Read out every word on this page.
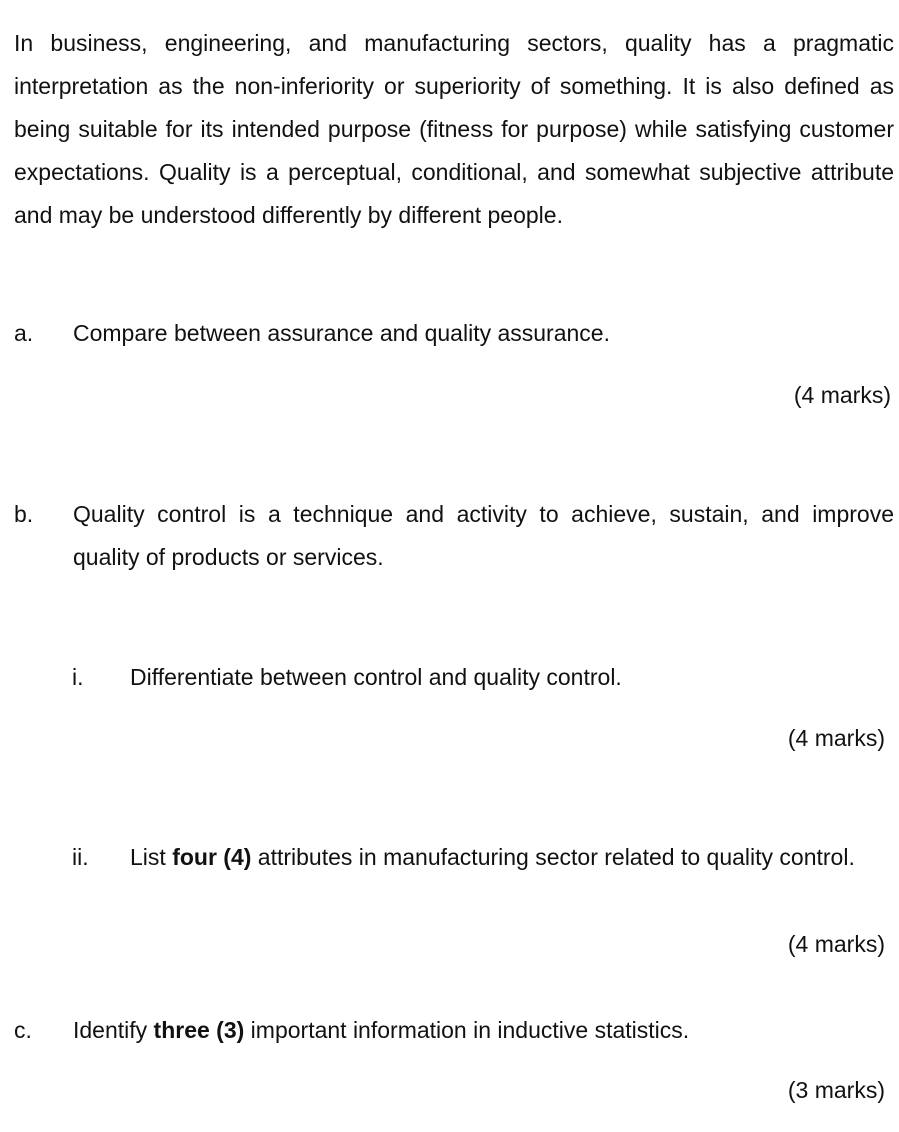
In business, engineering, and manufacturing sectors, quality has a pragmatic interpretation as the non-inferiority or superiority of something. It is also defined as being suitable for its intended purpose (fitness for purpose) while satisfying customer expectations. Quality is a perceptual, conditional, and somewhat subjective attribute and may be understood differently by different people.
a. Compare between assurance and quality assurance.
(4 marks)
b. Quality control is a technique and activity to achieve, sustain, and improve quality of products or services.
i. Differentiate between control and quality control.
(4 marks)
ii. List four (4) attributes in manufacturing sector related to quality control.
(4 marks)
c. Identify three (3) important information in inductive statistics.
(3 marks)
